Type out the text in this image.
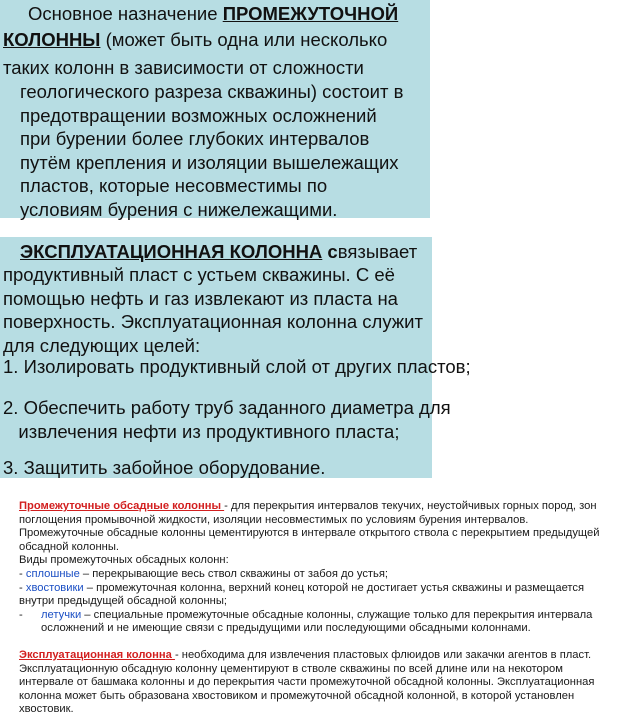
Основное назначение ПРОМЕЖУТОЧНОЙ

КОЛОННЫ (может быть одна или несколько

таких колонн в зависимости от сложности

геологического разреза скважины) состоит в
предотвращении возможных осложнений
при бурении более глубоких интервалов
путём крепления и изоляции вышележащих
пластов, которые несовместимы по
условиям бурения с нижележащими.

ЭКСПЛУАТАЦИОННАЯ КОЛОННА связывает

продуктивный пласт с устьем скважины. С её
помощью нефть и газ извлекают из пласта на
поверхность. Эксплуатационная колонна служит
для следующих целей:

1. Изолировать продуктивный слой от других пластов;

2. Обеспечить работу труб заданного диаметра для
извлечения нефти из продуктивного пласта;

3. Защитить забойное оборудование.

Промежуточные обсадные колонны - для перекрытия интервалов текучих, неустойчивых горных пород, зон поглощения промывочной жидкости, изоляции несовместимых по условиям бурения интервалов.

Промежуточные обсадные колонны цементируются в интервале открытого ствола с перекрытием предыдущей обсадной колонны.

Виды промежуточных обсадных колонн:

- сплошные – перекрывающие весь ствол скважины от забоя до устья;

- хвостовики – промежуточная колонна, верхний конец которой не достигает устья скважины и размещается внутри предыдущей обсадной колонны;

-	летучки – специальные промежуточные обсадные колонны, служащие только для перекрытия интервала осложнений и не имеющие связи с предыдущими или последующими обсадными колоннами.

Эксплуатационная колонна - необходима для извлечения пластовых флюидов или закачки агентов в пласт. Эксплуатационную обсадную колонну цементируют в стволе скважины по всей длине или на некотором интервале от башмака колонны и до перекрытия части промежуточной обсадной колонны. Эксплуатационная колонна может быть образована хвостовиком и промежуточной обсадной колонной, в которой установлен хвостовик.
